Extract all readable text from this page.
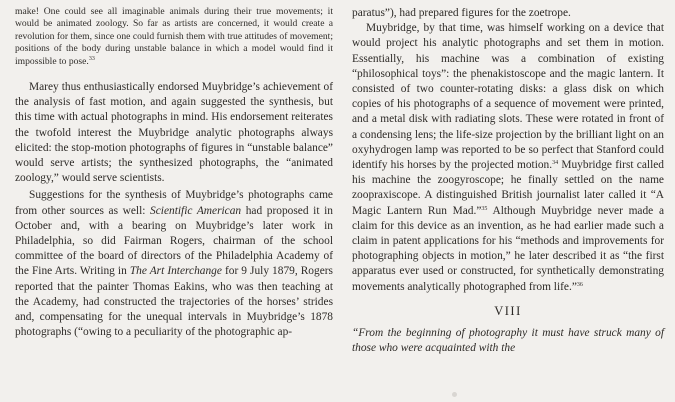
make! One could see all imaginable animals during their true movements; it would be animated zoology. So far as artists are concerned, it would create a revolution for them, since one could furnish them with true attitudes of movement; positions of the body during unstable balance in which a model would find it impossible to pose.$^{33}$

Marey thus enthusiastically endorsed Muybridge’s achievement of the analysis of fast motion, and again suggested the synthesis, but this time with actual photographs in mind. His endorsement reiterates the twofold interest the Muybridge analytic photographs always elicited: the stop-motion photographs of figures in “unstable balance” would serve artists; the synthesized photographs, the “animated zoology,” would serve scientists.

Suggestions for the synthesis of Muybridge’s photographs came from other sources as well: Scientific American had proposed it in October and, with a bearing on Muybridge’s later work in Philadelphia, so did Fairman Rogers, chairman of the school committee of the board of directors of the Philadelphia Academy of the Fine Arts. Writing in The Art Interchange for 9 July 1879, Rogers reported that the painter Thomas Eakins, who was then teaching at the Academy, had constructed the trajectories of the horses’ strides and, compensating for the unequal intervals in Muybridge’s 1878 photographs (“owing to a peculiarity of the photographic ap-

paratus”), had prepared figures for the zoetrope.

Muybridge, by that time, was himself working on a device that would project his analytic photographs and set them in motion. Essentially, his machine was a combination of existing “philosophical toys”: the phenakistoscope and the magic lantern. It consisted of two counter-rotating disks: a glass disk on which copies of his photographs of a sequence of movement were printed, and a metal disk with radiating slots. These were rotated in front of a condensing lens; the life-size projection by the brilliant light on an oxyhydrogen lamp was reported to be so perfect that Stanford could identify his horses by the projected motion.$^{34}$ Muybridge first called his machine the zoogyroscope; he finally settled on the name zoopraxiscope. A distinguished British journalist later called it “A Magic Lantern Run Mad.”$^{35}$ Although Muybridge never made a claim for this device as an invention, as he had earlier made such a claim in patent applications for his “methods and improvements for photographing objects in motion,” he later described it as “the first apparatus ever used or constructed, for synthetically demonstrating movements analytically photographed from life.”$^{36}$

VIII

“From the beginning of photography it must have struck many of those who were acquainted with the
